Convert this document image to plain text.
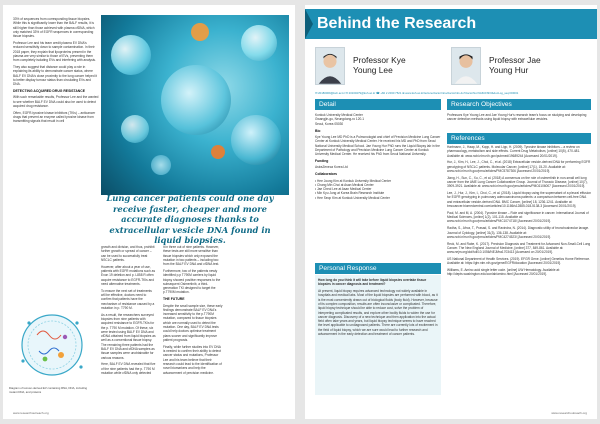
33% of sequences from corresponding tissue biopsies. While this is significantly lower than the BALF results, it is still higher than those achieved with plasma cfDNA, which only matched 33% of EGFR sequences in corresponding tissue biopsies.

Professor Lee and his team credit plasma EV DNA's reduced sensitivity down to sample contamination. In their 2018 paper, they explain that lipoproteins present in the plasma are very similar to those of EVs, preventing them from completely isolating EVs and interfering with analysis.

They also suggest that distance could play a role in explaining its ability to demonstrate cancer status, where BALF EV DNA's close proximity to the lung cancer helped it to better display tumour status than circulating EVs and DNA.

DETECTING ACQUIRED DRUG RESISTANCE

With such remarkable results, Professor Lee and the wanted to see whether BALF EV DNA could also be used to detect acquired drug resistance.

Often, EGFR-tyrosine kinase inhibitors (TKIs) – anticancer drugs that prevent an enzyme called tyrosine kinase from transmitting signals that result in cell

Lung cancer patients could one day receive faster, cheaper and more accurate diagnoses thanks to extracellular vesicle DNA found in liquid biopsies.

growth and division, and thus, prohibit further growth or spread of cancer – can be used to successfully treat NSCLC patients.

However, after about a year of use, patients with EGFR mutations such as Exon 19 deletion and p. L858 R often acquire resistance to EGFR-TKIs and need alternative treatments.

To ensure the next set of treatments will be effective, doctors need to confirm that patients have the mechanism of resistance caused by a mutation in p. T790 M.

As a result, the researchers surveyed biopsies from nine patients with acquired resistance to EGFR-TKIs for the p. T790 M mutation. Of these, six were tested using BALF EV DNA and cfDNA obtained from liquid biopsies as well as a conventional tissue biopsy. The remaining three patients had the BALF EV DNA and cfDNA samples as tissue samples were unobtainable for various reasons.

Here, BALF EV DNA revealed that five of the nine patients had the p. T790 M mutation while cfDNA only detected

it in three out of nine patients. However, these tests are still more sensitive than tissue biopsies which only exposed the mutation in two patients – including two from the BALF EV DNA and cfDNA test.

Furthermore, two of the patients newly identified p.p T790M carriers by liquid biopsy showed positive responses to the subsequent Osimertinib, a third-generation TKI designed to target the p.T790M mutation.

THE FUTURE

Despite the small sample size, these early findings demonstrate BALF EV DNA's increased sensitivity to the p.T790M mutation, compared to tissue biopsies which are normally used to detect the mutation. One day, BALF EV DNA tests could help doctors optimise treatment plans sooner and significantly improve patient prognosis.

Finally, while further studies into EV DNA is needed to confirm their ability to detect cancer status and mutations, Professor Lee and his team believe that their research could lead to the identification of novel biomarkers and help the advancement of precision medicine.

Diagram of tumour-derived EV containing RNA, DNA, including mutant DNA, and proteins
www.researchoutreach.org
Behind the Research
Professor Kye
Young Lee
Professor Jae
Young Hur
✉ 20180009@kuh.ac.kr ✉ 20160479@kuh.ac.kr ☎ +82 2 2030 7521 ⊕ www.kuh.ac.kr/lecture/doctorIntro/doctorInfo.do?doctorNo=9A6CF6F0&docLog_seq=00001
Detail
Konkuk University Medical Center
Gwangjin-gu, Neungdong-ro 120-1
Seoul, Korea 05030
Bio

Kye Young Lee MD PhD is a Pulmonologist and chief of Precision Medicine Lung Cancer Center at Konkuk University Medical Center. He received his MD and PhD from Seoul National University Medical School. Jae Young Hur PhD runs the Liquid Biopsy lab in the Department of Pathology and Precision Medicine Lung Cancer Center at Konkuk University Medical Center. He received his PhD from Seoul National University.

Funding

AstraZeneca Korea Ltd

Collaborators
• Hee Joung Kim at Konkuk University Medical Center
• Chang Min Choi at Asan Medical Center
• Jae Cheol Lee at Asan Medical Center
• Min Kyu Jung at Korea Brain Research Institute
• Hee Seop Kim at Konkuk University Medical Center
Personal Response

How long do you think it will take before liquid biopsies overtake tissue biopsies in cancer diagnosis and treatment?

At present, liquid biopsy requires advanced technology not widely available in hospitals and medical labs. Most of the liquid biopsies are performed with blood, as it is the most conveniently drawn out of biological fluids (body fluid). However, because of its complex composition, results are often inconclusive or complicated. Therefore, liquid biopsy technique should be able to reduce cost, solve the problem of interpreting complicated results, and explore other bodily fluids to widen the use for cancer diagnosis. Discovery of a new technique and then application into the actual field often take years and years, but liquid biopsy technique seems to have reached the level applicable to undiagnosed patients. There are currently lots of excitement in the field of liquid biopsy, which we are sure would lead to further research and advancement in the early detection and treatment of cancer patients.

Research Objectives
Professors Kye Young Lee and Jae Young Hur's research team's focus on studying and developing cancer detection methods using liquid biopsy with extracellular vesicles.
References

Hartmann, J., Haap, M., Kopp, H. and Lipp, H. (2009). Tyrosine kinase inhibitors – a review on pharmacology, metabolism and side effects. Current Drug Metabolism, [online] 10(5), 470-481. Available at: www.ncbi.nlm.nih.gov/pubmed/19689244 [Accessed 20/01/2019].

Hur, J., Kim, H., Lee, J., Choi, C., et al. (2018) Extracellular vesicle-derived DNA for performing EGFR genotyping of NSCLC patients. Molecular Cancer, [online] 17(1), 15-20. Available at: www.ncbi.nlm.nih.gov/pmc/articles/PMC5787306 [Accessed 20/01/2019].

Jiang, H., Sun, C., Xu, C., et al. (2018) A consensus on the role of osimertinib in non-small cell lung cancer from the AME Lung Cancer Collaborative Group. Journal of Thoracic Disease, [online] 10(7), 3909-3921. Available at: www.ncbi.nlm.nih.gov/pmc/articles/PMC6106007 [Accessed 20/01/2019].

Lee, J., Hur, J., Kim, I., Choi, C., et al. (2018). Liquid biopsy using the supernatant of a pleural effusion for EGFR genotyping in pulmonary adenocarcinoma patients: a comparison between cell-free DNA and extracellular vesicle-derived DNA. BMC Cancer, [online] 18, 1236-1241. Available at: bmccancer.biomedcentral.com/articles/10.1186/s12885-018-5138-3 [Accessed 20/01/2019].

Paul, M. and M, A. (2004). Tyrosine kinase – Role and significance in cancer. International Journal of Medical Sciences, [online] 1(2), 101-115. Available at: www.ncbi.nlm.nih.gov/pmc/articles/PMC1074718/ [Accessed 20/01/2019].

Radha, S., Afroz, T., Prasad, S. and Ravindra, N. (2014). Diagnostic utility of bronchoalveolar lavage. Journal of Cytology, [online] 31(3), 136-138. Available at: www.ncbi.nlm.nih.gov/pmc/articles/PMC4274523/ [Accessed 20/01/2019].

Reck, M. and Rabe, K. (2017). Precision Diagnosis and Treatment for Advanced Non-Small-Cell Lung Cancer. The New England Journal of Medicine, [online] 377, 849-861. Available at: www.nejm.org/doi/full/10.1056/NEJMra1703413 [Accessed on 20/01/2019].

US National Department of Health Services. (2019). EFGR Gene. [online] Genetics Home Reference. Available at: https://ghr.nlm.nih.gov/gene/EGFR#location [Accessed 20/01/2019].

Williams, E. Amino acid single letter code. [online] UW Hematology. Available at: http://depts.washington.edu/conlab/amino.html [Accessed 20/01/2019].

www.researchoutreach.org
